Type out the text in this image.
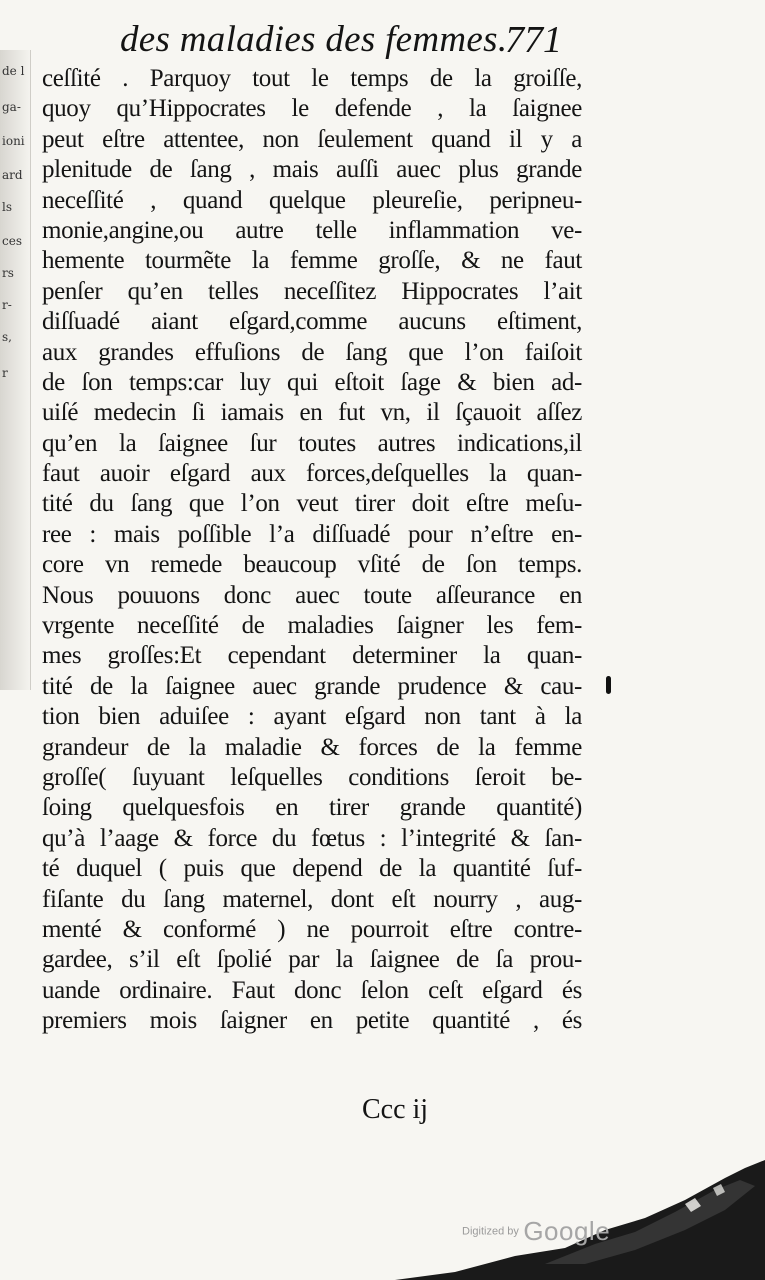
de l
ga-
ioni
ard
ls
ces
rs
r-
s,
r
des maladies des femmes.
771
ceſſité . Parquoy tout le temps de la groiſſe,
quoy qu’Hippocrates le defende , la ſaignee
peut eſtre attentee, non ſeulement quand il y a
plenitude de ſang , mais auſſi auec plus grande
neceſſité , quand quelque pleureſie, peripneu-
monie,angine,ou autre telle inflammation ve-
hemente tourmẽte la femme groſſe, & ne faut
penſer qu’en telles neceſſitez Hippocrates l’ait
diſſuadé aiant eſgard,comme aucuns eſtiment,
aux grandes effuſions de ſang que l’on faiſoit
de ſon temps:car luy qui eſtoit ſage & bien ad-
uiſé medecin ſi iamais en fut vn, il ſçauoit aſſez
qu’en la ſaignee ſur toutes autres indications,il
faut auoir eſgard aux forces,deſquelles la quan-
tité du ſang que l’on veut tirer doit eſtre meſu-
ree : mais poſſible l’a diſſuadé pour n’eſtre en-
core vn remede beaucoup vſité de ſon temps.
Nous pouuons donc auec toute aſſeurance en
vrgente neceſſité de maladies ſaigner les fem-
mes groſſes:Et cependant determiner la quan-
tité de la ſaignee auec grande prudence & cau-
tion bien aduiſee : ayant eſgard non tant à la
grandeur de la maladie & forces de la femme
groſſe( ſuyuant leſquelles conditions ſeroit be-
ſoing quelquesfois en tirer grande quantité)
qu’à l’aage & force du fœtus : l’integrité & ſan-
té duquel ( puis que depend de la quantité ſuf-
fiſante du ſang maternel, dont eſt nourry , aug-
menté & conformé ) ne pourroit eſtre contre-
gardee, s’il eſt ſpolié par la ſaignee de ſa prou-
uande ordinaire. Faut donc ſelon ceſt eſgard és
premiers mois ſaigner en petite quantité , és
Ccc ij
Digitized by Google
